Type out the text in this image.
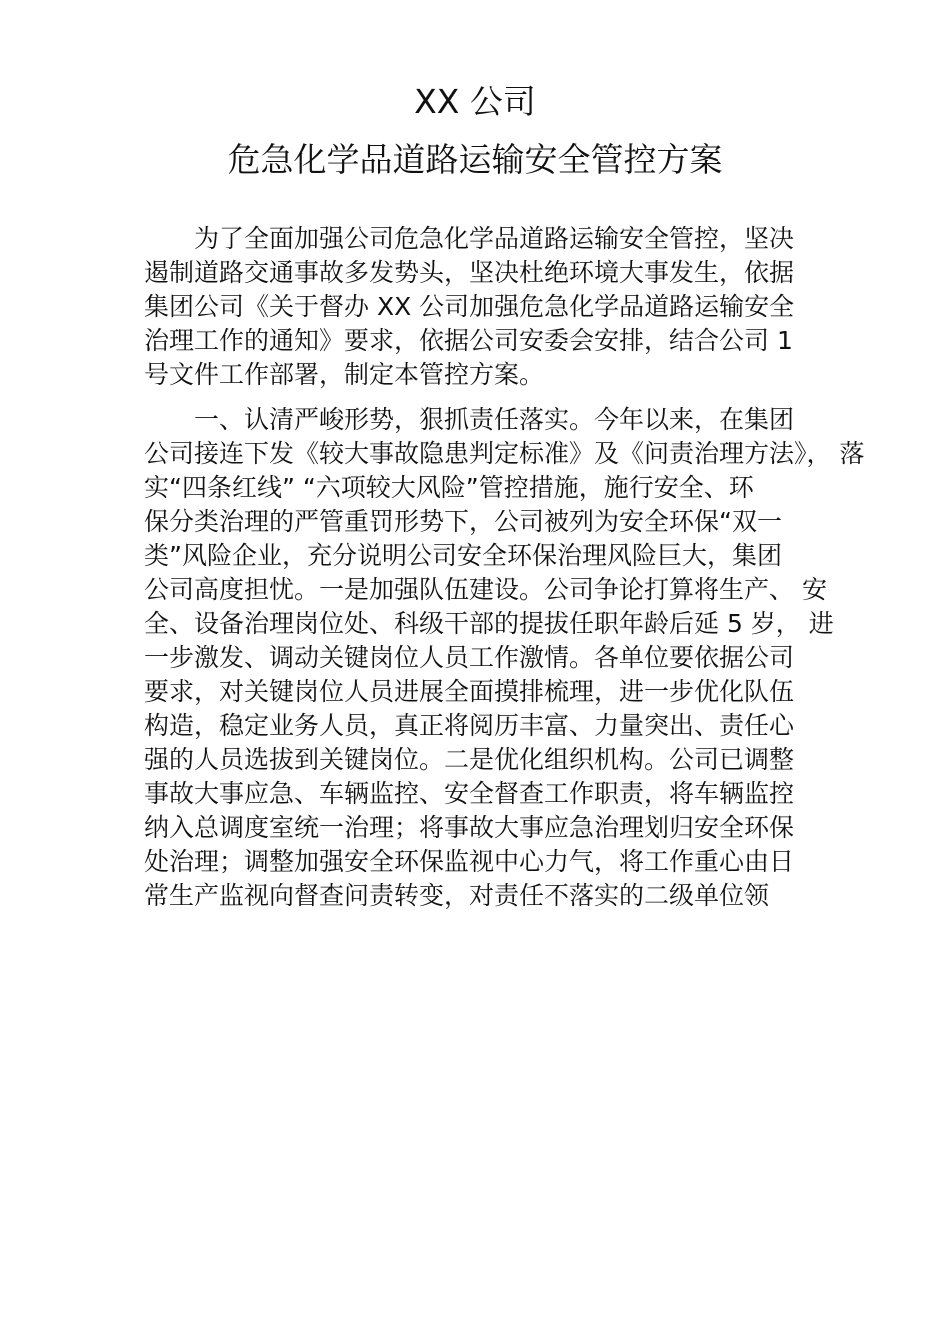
XX 公司
危急化学品道路运输安全管控方案
为了全面加强公司危急化学品道路运输安全管控，坚决
遏制道路交通事故多发势头，坚决杜绝环境大事发生，依据
集团公司《关于督办 XX 公司加强危急化学品道路运输安全
治理工作的通知》要求，依据公司安委会安排，结合公司 1
号文件工作部署，制定本管控方案。
一、认清严峻形势，狠抓责任落实。今年以来，在集团
公司接连下发《较大事故隐患判定标准》及《问责治理方法》， 落
实“四条红线” “六项较大风险”管控措施，施行安全、环
保分类治理的严管重罚形势下，公司被列为安全环保“双一
类”风险企业，充分说明公司安全环保治理风险巨大，集团
公司高度担忧。一是加强队伍建设。公司争论打算将生产、 安
全、设备治理岗位处、科级干部的提拔任职年龄后延 5 岁， 进
一步激发、调动关键岗位人员工作激情。各单位要依据公司
要求，对关键岗位人员进展全面摸排梳理，进一步优化队伍
构造，稳定业务人员，真正将阅历丰富、力量突出、责任心
强的人员选拔到关键岗位。二是优化组织机构。公司已调整
事故大事应急、车辆监控、安全督查工作职责，将车辆监控
纳入总调度室统一治理；将事故大事应急治理划归安全环保
处治理；调整加强安全环保监视中心力气，将工作重心由日
常生产监视向督查问责转变，对责任不落实的二级单位领
